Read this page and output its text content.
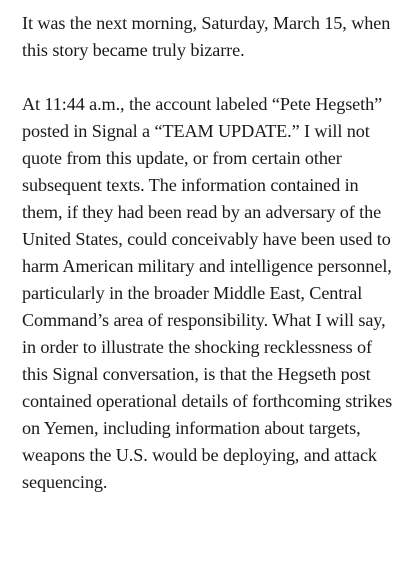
It was the next morning, Saturday, March 15, when this story became truly bizarre.

At 11:44 a.m., the account labeled “Pete Hegseth” posted in Signal a “TEAM UPDATE.” I will not quote from this update, or from certain other subsequent texts. The information contained in them, if they had been read by an adversary of the United States, could conceivably have been used to harm American military and intelligence personnel, particularly in the broader Middle East, Central Command’s area of responsibility. What I will say, in order to illustrate the shocking recklessness of this Signal conversation, is that the Hegseth post contained operational details of forthcoming strikes on Yemen, including information about targets, weapons the U.S. would be deploying, and attack sequencing.
